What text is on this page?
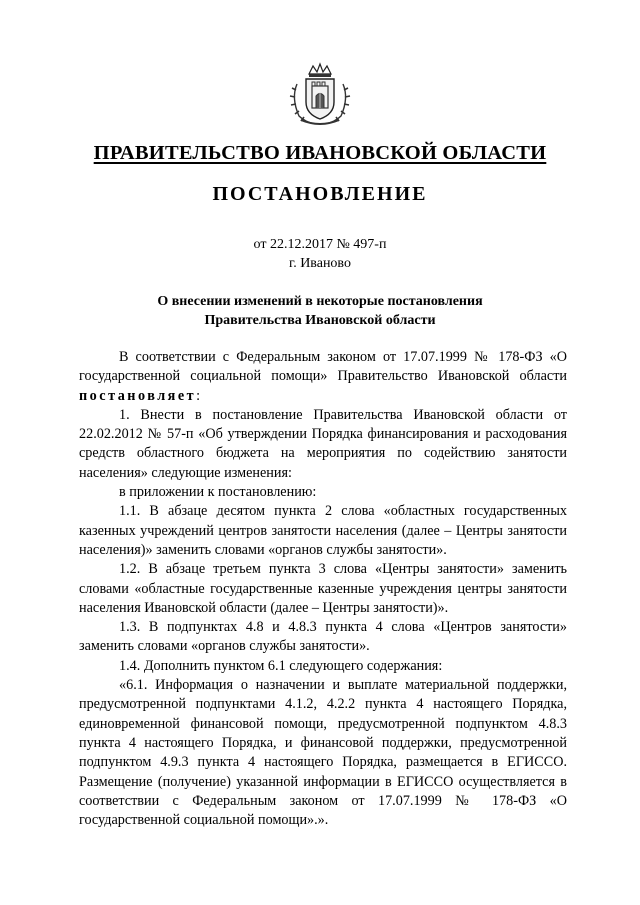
ПРАВИТЕЛЬСТВО ИВАНОВСКОЙ ОБЛАСТИ
ПОСТАНОВЛЕНИЕ
от 22.12.2017 № 497-п
г. Иваново
О внесении изменений в некоторые постановления
Правительства Ивановской области

В соответствии с Федеральным законом от 17.07.1999 № 178-ФЗ «О государственной социальной помощи» Правительство Ивановской области постановляет:

1. Внести в постановление Правительства Ивановской области от 22.02.2012 № 57-п «Об утверждении Порядка финансирования и расходования средств областного бюджета на мероприятия по содействию занятости населения» следующие изменения:

в приложении к постановлению:

1.1. В абзаце десятом пункта 2 слова «областных государственных казенных учреждений центров занятости населения (далее – Центры занятости населения)» заменить словами «органов службы занятости».

1.2. В абзаце третьем пункта 3 слова «Центры занятости» заменить словами «областные государственные казенные учреждения центры занятости населения Ивановской области (далее – Центры занятости)».

1.3. В подпунктах 4.8 и 4.8.3 пункта 4 слова «Центров занятости» заменить словами «органов службы занятости».

1.4. Дополнить пунктом 6.1 следующего содержания:

«6.1. Информация о назначении и выплате материальной поддержки, предусмотренной подпунктами 4.1.2, 4.2.2 пункта 4 настоящего Порядка, единовременной финансовой помощи, предусмотренной подпунктом 4.8.3 пункта 4 настоящего Порядка, и финансовой поддержки, предусмотренной подпунктом 4.9.3 пункта 4 настоящего Порядка, размещается в ЕГИССО. Размещение (получение) указанной информации в ЕГИССО осуществляется в соответствии с Федеральным законом от 17.07.1999 № 178-ФЗ «О государственной социальной помощи».».
